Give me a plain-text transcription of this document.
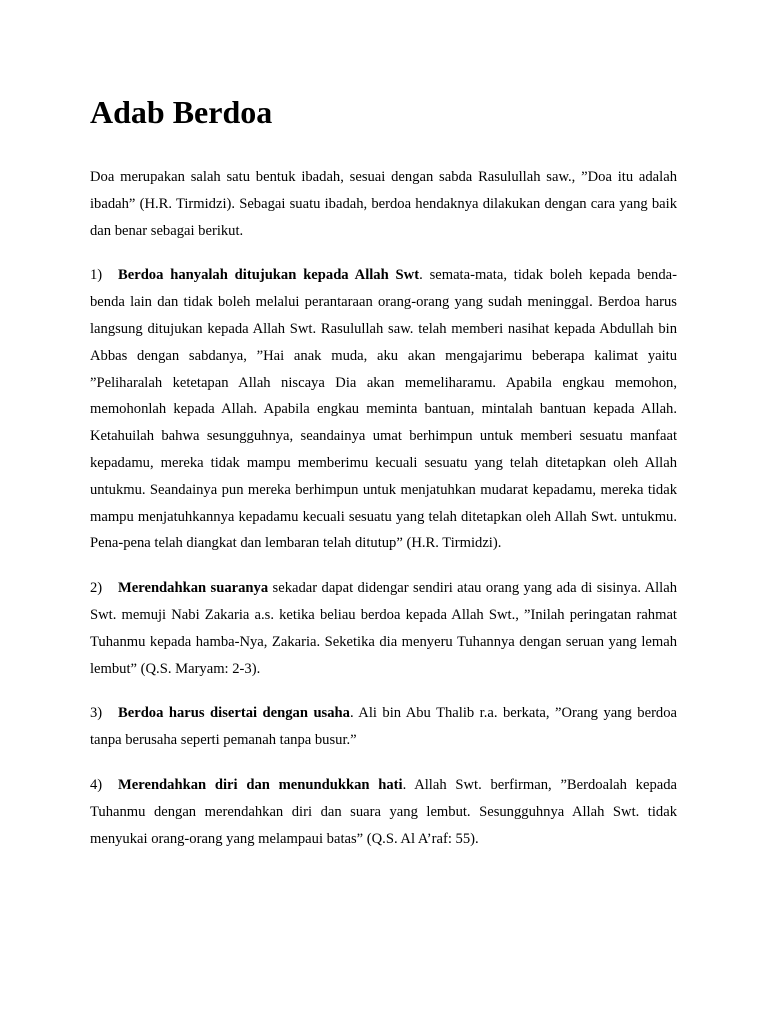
Adab Berdoa

Doa merupakan salah satu bentuk ibadah, sesuai dengan sabda Rasulullah saw., ”Doa itu adalah ibadah” (H.R. Tirmidzi). Sebagai suatu ibadah, berdoa hendaknya dilakukan dengan cara yang baik dan benar sebagai berikut.

1) Berdoa hanyalah ditujukan kepada Allah Swt. semata-mata, tidak boleh kepada benda-benda lain dan tidak boleh melalui perantaraan orang-orang yang sudah meninggal. Berdoa harus langsung ditujukan kepada Allah Swt. Rasulullah saw. telah memberi nasihat kepada Abdullah bin Abbas dengan sabdanya, ”Hai anak muda, aku akan mengajarimu beberapa kalimat yaitu ”Peliharalah ketetapan Allah niscaya Dia akan memeliharamu. Apabila engkau memohon, memohonlah kepada Allah. Apabila engkau meminta bantuan, mintalah bantuan kepada Allah. Ketahuilah bahwa sesungguhnya, seandainya umat berhimpun untuk memberi sesuatu manfaat kepadamu, mereka tidak mampu memberimu kecuali sesuatu yang telah ditetapkan oleh Allah untukmu. Seandainya pun mereka berhimpun untuk menjatuhkan mudarat kepadamu, mereka tidak mampu menjatuhkannya kepadamu kecuali sesuatu yang telah ditetapkan oleh Allah Swt. untukmu. Pena-pena telah diangkat dan lembaran telah ditutup” (H.R. Tirmidzi).

2) Merendahkan suaranya sekadar dapat didengar sendiri atau orang yang ada di sisinya. Allah Swt. memuji Nabi Zakaria a.s. ketika beliau berdoa kepada Allah Swt., ”Inilah peringatan rahmat Tuhanmu kepada hamba-Nya, Zakaria. Seketika dia menyeru Tuhannya dengan seruan yang lemah lembut” (Q.S. Maryam: 2-3).

3) Berdoa harus disertai dengan usaha. Ali bin Abu Thalib r.a. berkata, ”Orang yang berdoa tanpa berusaha seperti pemanah tanpa busur.”

4) Merendahkan diri dan menundukkan hati. Allah Swt. berfirman, ”Berdoalah kepada Tuhanmu dengan merendahkan diri dan suara yang lembut. Sesungguhnya Allah Swt. tidak menyukai orang-orang yang melampaui batas” (Q.S. Al A’raf: 55).
